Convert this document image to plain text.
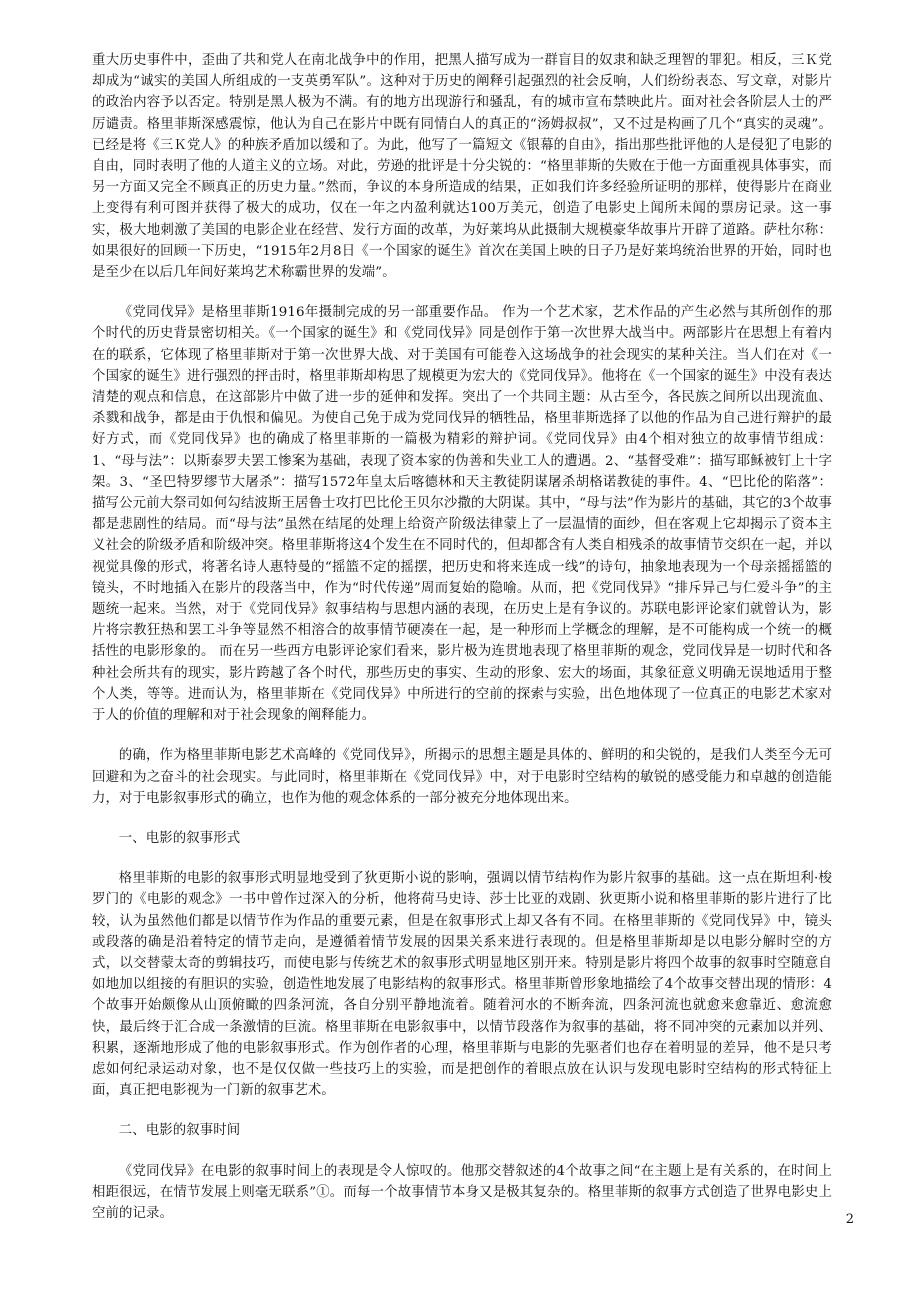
重大历史事件中，歪曲了共和党人在南北战争中的作用，把黑人描写成为一群盲目的奴隶和缺乏理智的罪犯。相反，三Ｋ党却成为“诚实的美国人所组成的一支英勇军队”。这种对于历史的阐释引起强烈的社会反响，人们纷纷表态、写文章，对影片的政治内容予以否定。特别是黑人极为不满。有的地方出现游行和骚乱，有的城市宣布禁映此片。面对社会各阶层人士的严厉谴责。格里菲斯深感震惊，他认为自己在影片中既有同情白人的真正的“汤姆叔叔”，又不过是构画了几个“真实的灵魂”。已经是将《三Ｋ党人》的种族矛盾加以缓和了。为此，他写了一篇短文《银幕的自由》，指出那些批评他的人是侵犯了电影的自由，同时表明了他的人道主义的立场。对此，劳逊的批评是十分尖锐的：“格里菲斯的失败在于他一方面重视具体事实，而另一方面又完全不顾真正的历史力量。”然而，争议的本身所造成的结果，正如我们许多经验所证明的那样，使得影片在商业上变得有利可图并获得了极大的成功，仅在一年之内盈利就达100万美元，创造了电影史上闻所未闻的票房记录。这一事实，极大地刺激了美国的电影企业在经营、发行方面的改革，为好莱坞从此摄制大规模豪华故事片开辟了道路。萨杜尔称：如果很好的回顾一下历史，“1915年2月8日《一个国家的诞生》首次在美国上映的日子乃是好莱坞统治世界的开始，同时也是至少在以后几年间好莱坞艺术称霸世界的发端”。

《党同伐异》是格里菲斯1916年摄制完成的另一部重要作品。 作为一个艺术家，艺术作品的产生必然与其所创作的那个时代的历史背景密切相关。《一个国家的诞生》和《党同伐异》同是创作于第一次世界大战当中。两部影片在思想上有着内在的联系，它体现了格里菲斯对于第一次世界大战、对于美国有可能卷入这场战争的社会现实的某种关注。当人们在对《一个国家的诞生》进行强烈的抨击时，格里菲斯却构思了规模更为宏大的《党同伐异》。他将在《一个国家的诞生》中没有表达清楚的观点和信息，在这部影片中做了进一步的延伸和发挥。突出了一个共同主题：从古至今，各民族之间所以出现流血、杀戮和战争，都是由于仇恨和偏见。为使自己免于成为党同伐异的牺牲品，格里菲斯选择了以他的作品为自己进行辩护的最好方式，而《党同伐异》也的确成了格里菲斯的一篇极为精彩的辩护词。《党同伐异》由4个相对独立的故事情节组成：1、“母与法”：以斯泰罗夫罢工惨案为基础，表现了资本家的伪善和失业工人的遭遇。2、“基督受难”：描写耶稣被钉上十字架。3、“圣巴特罗缪节大屠杀”：描写1572年皇太后喀德林和天主教徒阴谋屠杀胡格诺教徒的事件。4、“巴比伦的陷落”：描写公元前大祭司如何勾结波斯王居鲁士攻打巴比伦王贝尔沙撒的大阴谋。其中，“母与法”作为影片的基础，其它的3个故事都是悲剧性的结局。而“母与法”虽然在结尾的处理上给资产阶级法律蒙上了一层温情的面纱，但在客观上它却揭示了资本主义社会的阶级矛盾和阶级冲突。格里菲斯将这4个发生在不同时代的，但却都含有人类自相残杀的故事情节交织在一起，并以视觉具像的形式，将著名诗人惠特曼的“摇篮不定的摇摆，把历史和将来连成一线”的诗句，抽象地表现为一个母亲摇摇篮的镜头，不时地插入在影片的段落当中，作为“时代传递”周而复始的隐喻。从而，把《党同伐异》“排斥异己与仁爱斗争”的主题统一起来。当然，对于《党同伐异》叙事结构与思想内涵的表现，在历史上是有争议的。苏联电影评论家们就曾认为，影片将宗教狂热和罢工斗争等显然不相溶合的故事情节硬凑在一起，是一种形而上学概念的理解，是不可能构成一个统一的概括性的电影形象的。 而在另一些西方电影评论家们看来，影片极为连贯地表现了格里菲斯的观念，党同伐异是一切时代和各种社会所共有的现实，影片跨越了各个时代，那些历史的事实、生动的形象、宏大的场面，其象征意义明确无误地适用于整个人类，等等。进而认为，格里菲斯在《党同伐异》中所进行的空前的探索与实验，出色地体现了一位真正的电影艺术家对于人的价值的理解和对于社会现象的阐释能力。

的确，作为格里菲斯电影艺术高峰的《党同伐异》，所揭示的思想主题是具体的、鲜明的和尖锐的，是我们人类至今无可回避和为之奋斗的社会现实。与此同时，格里菲斯在《党同伐异》中，对于电影时空结构的敏锐的感受能力和卓越的创造能力，对于电影叙事形式的确立，也作为他的观念体系的一部分被充分地体现出来。

一、电影的叙事形式

格里菲斯的电影的叙事形式明显地受到了狄更斯小说的影响，强调以情节结构作为影片叙事的基础。这一点在斯坦利·梭罗门的《电影的观念》一书中曾作过深入的分析，他将荷马史诗、莎士比亚的戏剧、狄更斯小说和格里菲斯的影片进行了比较，认为虽然他们都是以情节作为作品的重要元素，但是在叙事形式上却又各有不同。在格里菲斯的《党同伐异》中，镜头或段落的确是沿着特定的情节走向，是遵循着情节发展的因果关系来进行表现的。但是格里菲斯却是以电影分解时空的方式，以交替蒙太奇的剪辑技巧，而使电影与传统艺术的叙事形式明显地区别开来。特别是影片将四个故事的叙事时空随意自如地加以组接的有胆识的实验，创造性地发展了电影结构的叙事形式。格里菲斯曾形象地描绘了4个故事交替出现的情形：4个故事开始颇像从山顶俯瞰的四条河流，各自分别平静地流着。随着河水的不断奔流，四条河流也就愈来愈靠近、愈流愈快，最后终于汇合成一条激情的巨流。格里菲斯在电影叙事中，以情节段落作为叙事的基础，将不同冲突的元素加以并列、积累，逐渐地形成了他的电影叙事形式。作为创作者的心理，格里菲斯与电影的先驱者们也存在着明显的差异，他不是只考虑如何纪录运动对象，也不是仅仅做一些技巧上的实验，而是把创作的着眼点放在认识与发现电影时空结构的形式特征上面，真正把电影视为一门新的叙事艺术。

二、电影的叙事时间

《党同伐异》在电影的叙事时间上的表现是令人惊叹的。他那交替叙述的4个故事之间“在主题上是有关系的，在时间上相距很远，在情节发展上则毫无联系”①。而每一个故事情节本身又是极其复杂的。格里菲斯的叙事方式创造了世界电影史上空前的记录。	2
